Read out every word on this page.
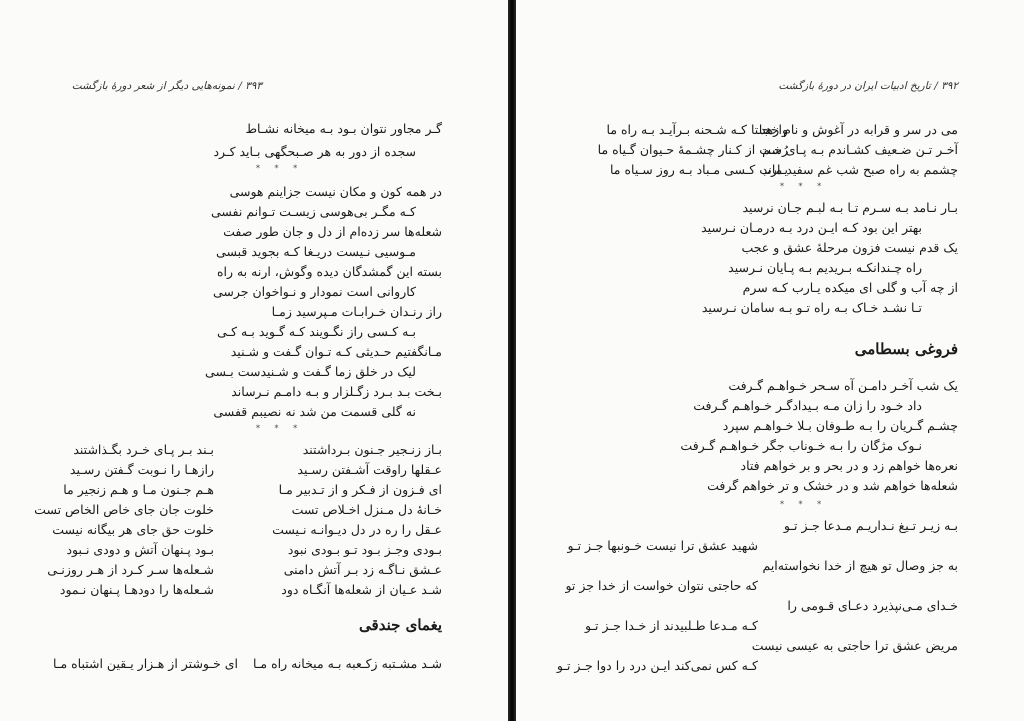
۳۹۳ / نمونه‌هایی دیگر از شعر دورهٔ بازگشت
گـر مجاور نتوان بـود بـه میخانه نشـاط
سجده از دور به هر صـبحگهی بـاید کـرد
* * *
در همه کون و مکان نیست جزاینم هوسی
کـه مگـر بی‌هوسی زیسـت تـوانم نفسی
شعله‌ها سر زده‌ام از دل و جان طور صفت
مـوسیی نـیست دریـغا کـه بجوید قبسی
بسته این گمشدگان دیده وگوش، ارنه به راه
کاروانی است نمودار و نـواخوان جرسی
راز رنـدان خـرابـات مـپرسید زمـا
بـه کـسی راز نگـویند کـه گـوید بـه کـی
مـانگفتیم حـدیثی کـه تـوان گـفت و شـنید
لیک در خلق زما گـفت و شـنیدست بـسی
بـخت بـد بـرد زگـلزار و بـه دامـم نـرساند
نه گلی قسمت من شد نه نصیبم قفسی
* * *
بـاز زنـجیر جـنون بـرداشتند
بـند بـر پـای خـرد بگـذاشتند
عـقلها راوقت آشـفتن رسـید
رازهـا را نـوبت گـفتن رسـید
ای فـزون از فـکر و از تـدبیر مـا
هـم جـنون مـا و هـم زنجیر ما
خـانهٔ دل مـنزل اخـلاص تست
خلوت جان جای خاص الخاص تست
عـقل را ره در دل دیـوانـه نـیست
خلوت حق جای هر بیگانه نیست
بـودی وجـز بـود تـو بـودی نبود
بـود پـنهان آتش و دودی نـبود
عـشق نـاگـه زد بـر آتش دامنی
شـعله‌ها سـر کـرد از هـر روزنـی
شـد عـیان از شعله‌ها آنگـاه دود
شـعله‌ها را دودهـا پـنهان نـمود
یغمای جندقی
شـد مشـتبه زکـعبه بـه میخانه راه مـا
ای خـوشتر از هـزار یـقین اشتباه مـا
۳۹۲ / تاریخ ادبیات ایران در دورهٔ بازگشت
می در سر و قرابه در آغوش و نام زهد
واخجلتا کـه شـحنه بـرآیـد بـه راه ما
آخـر تـن ضـعیف کشـاندم بـه پـای خـم
رُست از کـنار چشـمهٔ حـیوان گـیاه ما
چشمم به راه صبح شب غم سفید ماند
یـارب کـسی مـباد بـه روز سـیاه ما
* * *
بـار نـامد بـه سـرم تـا بـه لبـم جـان نرسید
بهتر این بود کـه ایـن درد بـه درمـان نـرسید
یک قدم نیست فزون مرحلهٔ عشق و عجب
راه چـندانکـه بـریدیم بـه پـایان نـرسید
از چه آب و گلی ای میکده یـارب کـه سرم
تـا نشـد خـاک بـه راه تـو بـه سامان نـرسید
فروغی بسطامی
یک شب آخـر دامـن آه سـحر خـواهـم گـرفت
داد خـود را زان مـه بـیدادگـر خـواهـم گـرفت
چشـم گـریان را بـه طـوفان بـلا خـواهـم سپرد
نـوک مژگان را بـه خـوناب جگر خـواهـم گـرفت
نعره‌ها خواهم زد و در بحر و بر خواهم فتاد
شعله‌ها خواهم شد و در خشک و تر خواهم گرفت
* * *
بـه زیـر تـیغ نـداریـم مـدعا جـز تـو
شهید عشق ترا نیست خـونبها جـز تـو
به جز وصال تو هیچ از خدا نخواسته‌ایم
که حاجتی نتوان خواست از خدا جز تو
خـدای مـی‌نپذیرد دعـای قـومی را
کـه مـدعا طـلبیدند از خـدا جـز تـو
مریض عشق ترا حاجتی به عیسی نیست
کـه کس نمی‌کند ایـن درد را دوا جـز تـو
